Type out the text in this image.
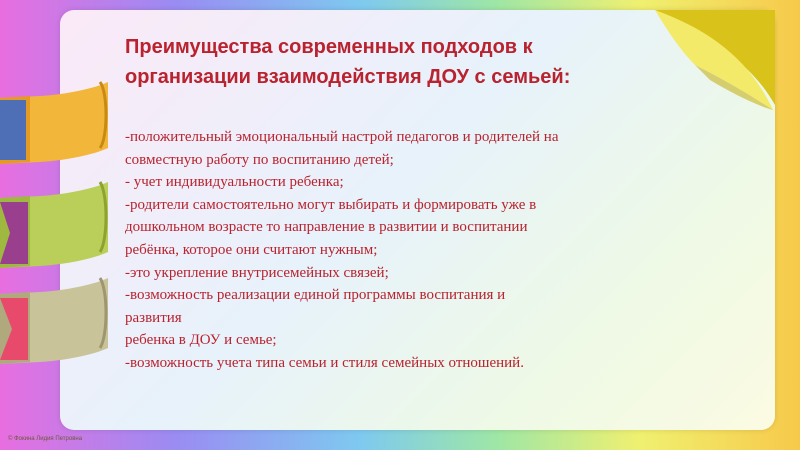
Преимущества современных подходов к
организации взаимодействия ДОУ с семьей:
-положительный эмоциональный настрой педагогов и родителей на
совместную работу по воспитанию детей;
- учет индивидуальности ребенка;
-родители самостоятельно могут выбирать и формировать уже в
дошкольном возрасте то направление в развитии и воспитании
ребёнка, которое они считают нужным;
-это укрепление внутрисемейных связей;
-возможность реализации единой программы воспитания и
развития
ребенка в ДОУ и семье;
-возможность учета типа семьи и стиля семейных отношений.
© Фокина Лидия Петровна
